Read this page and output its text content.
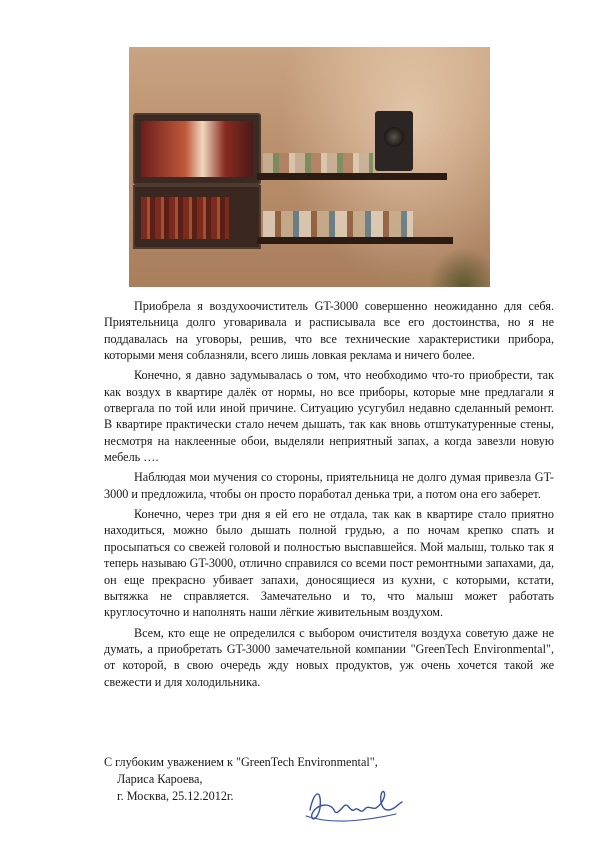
Приобрела я воздухоочиститель GT-3000 совершенно неожиданно для себя. Приятельница долго уговаривала и расписывала все его достоинства, но я не поддавалась на уговоры, решив, что все технические характеристики прибора, которыми меня соблазняли, всего лишь ловкая реклама и ничего более.

Конечно, я давно задумывалась о том, что необходимо что-то приобрести, так как воздух в квартире далёк от нормы, но все приборы, которые мне предлагали я отвергала по той или иной причине. Ситуацию усугубил недавно сделанный ремонт. В квартире практически стало нечем дышать, так как вновь отштукатуренные стены, несмотря на наклеенные обои, выделяли неприятный запах, а когда завезли новую мебель ….

Наблюдая мои мучения со стороны, приятельница не долго думая привезла GT-3000 и предложила, чтобы он просто поработал денька три, а потом она его заберет.

Конечно, через три дня я ей его не отдала, так как в квартире стало приятно находиться, можно было дышать полной грудью, а по ночам крепко спать и просыпаться со свежей головой и полностью выспавшейся. Мой малыш, только так я теперь называю GT-3000, отлично справился со всеми пост ремонтными запахами, да, он еще прекрасно убивает запахи, доносящиеся из кухни, с которыми, кстати, вытяжка не справляется. Замечательно и то, что малыш может работать круглосуточно и наполнять наши лёгкие живительным воздухом.

Всем, кто еще не определился с выбором очистителя воздуха советую даже не думать, а приобретать GT-3000 замечательной компании "GreenTech Environmental", от которой, в свою очередь жду новых продуктов, уж очень хочется такой же свежести и для холодильника.

С глубоким уважением к "GreenTech Environmental",
Лариса Кароева,
г. Москва, 25.12.2012г.
